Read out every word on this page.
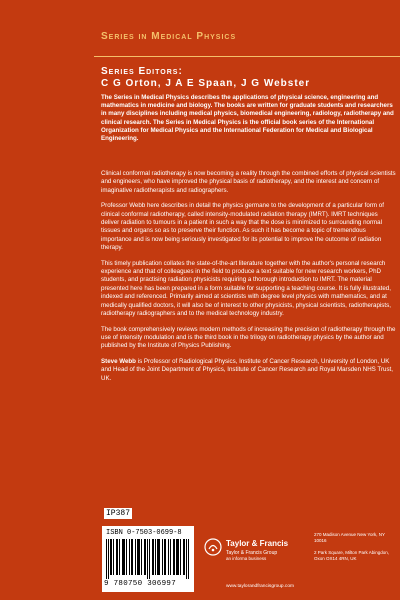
Series in Medical Physics
Series Editors:
C G Orton, J A E Spaan, J G Webster
The Series in Medical Physics describes the applications of physical science, engineering and mathematics in medicine and biology. The books are written for graduate students and researchers in many disciplines including medical physics, biomedical engineering, radiology, radiotherapy and clinical research. The Series in Medical Physics is the official book series of the International Organization for Medical Physics and the International Federation for Medical and Biological Engineering.

Clinical conformal radiotherapy is now becoming a reality through the combined efforts of physical scientists and engineers, who have improved the physical basis of radiotherapy, and the interest and concern of imaginative radiotherapists and radiographers.

Professor Webb here describes in detail the physics germane to the development of a particular form of clinical conformal radiotherapy, called intensity-modulated radiation therapy (IMRT). IMRT techniques deliver radiation to tumours in a patient in such a way that the dose is minimized to surrounding normal tissues and organs so as to preserve their function. As such it has become a topic of tremendous importance and is now being seriously investigated for its potential to improve the outcome of radiation therapy.

This timely publication collates the state-of-the-art literature together with the author's personal research experience and that of colleagues in the field to produce a text suitable for new research workers, PhD students, and practising radiation physicists requiring a thorough introduction to IMRT. The material presented here has been prepared in a form suitable for supporting a teaching course. It is fully illustrated, indexed and referenced. Primarily aimed at scientists with degree level physics with mathematics, and at medically qualified doctors, it will also be of interest to other physicists, physical scientists, radiotherapists, radiotherapy radiographers and to the medical technology industry.

The book comprehensively reviews modern methods of increasing the precision of radiotherapy through the use of intensity modulation and is the third book in the trilogy on radiotherapy physics by the author and published by the Institute of Physics Publishing.

Steve Webb is Professor of Radiological Physics, Institute of Cancer Research, University of London, UK and Head of the Joint Department of Physics, Institute of Cancer Research and Royal Marsden NHS Trust, UK.

IP387
ISBN 0-7503-0699-8
9 780750 306997
Taylor & Francis
Taylor & Francis Group
an informa business
270 Madison Avenue New York, NY 10016
2 Park Square, Milton Park Abingdon, Oxon OX14 4RN, UK
www.taylorandfrancisgroup.com
